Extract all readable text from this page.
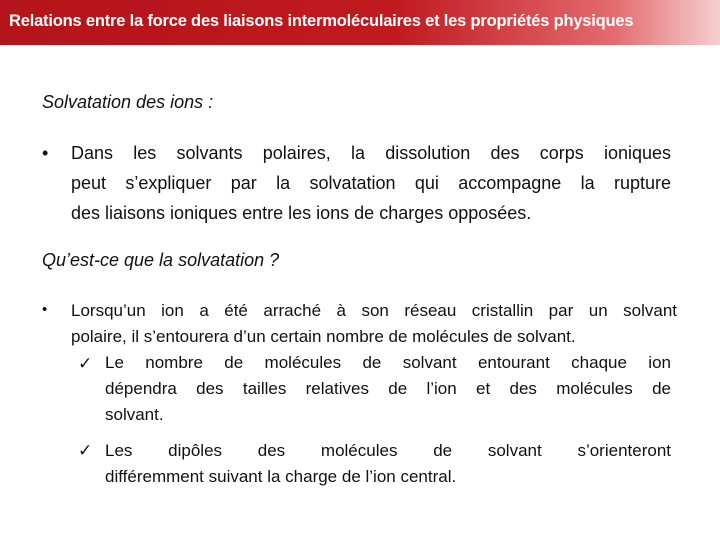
Relations entre la force des liaisons intermoléculaires et les propriétés physiques
Solvatation des ions :
• Dans les solvants polaires, la dissolution des corps ioniques
peut s’expliquer par la solvatation qui accompagne la rupture
des liaisons ioniques entre les ions de charges opposées.
Qu’est-ce que la solvatation ?
• Lorsqu’un ion a été arraché à son réseau cristallin par un solvant
polaire, il s’entourera d’un certain nombre de molécules de solvant.
✓ Le nombre de molécules de solvant entourant chaque ion
dépendra des tailles relatives de l’ion et des molécules de
solvant.
✓ Les dipôles des molécules de solvant s’orienteront
différemment suivant la charge de l’ion central.
